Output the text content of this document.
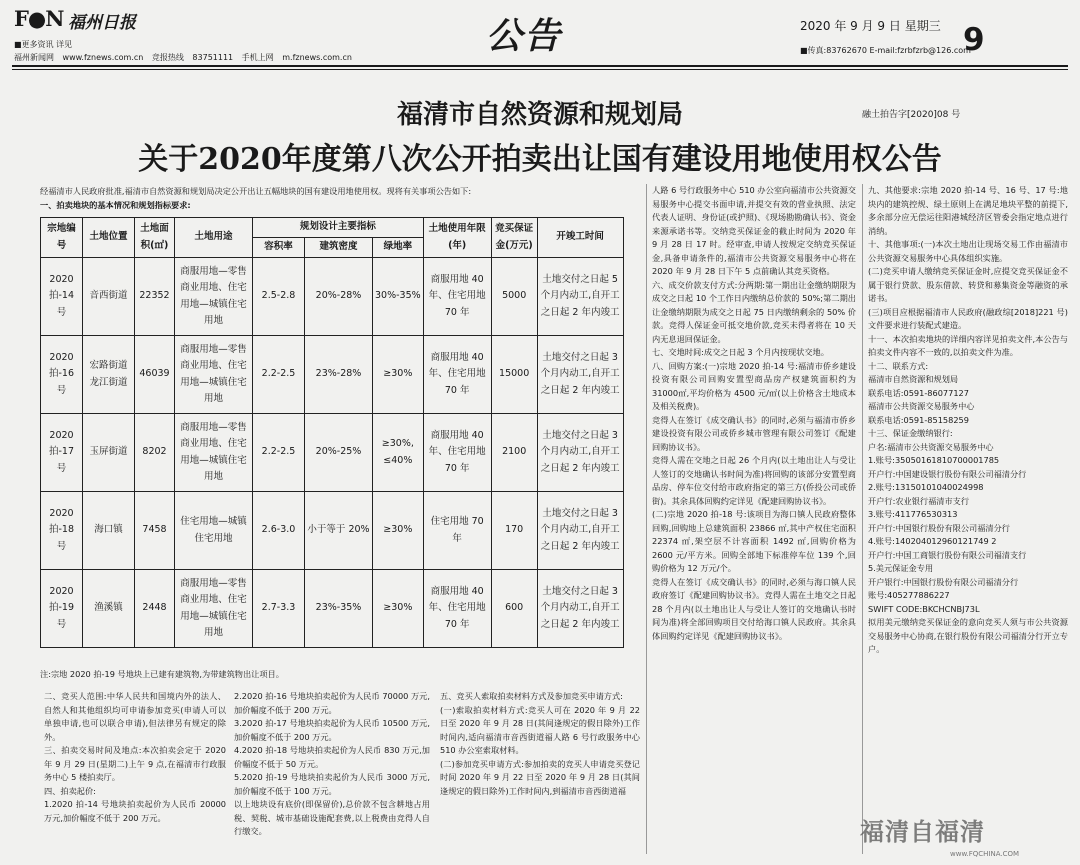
F●N 福州日报
■更多资讯 详见
福州新闻网 www.fznews.com.cn 竞报热线 83751111 手机上网 m.fznews.com.cn
公告	2020 年 9 月 9 日 星期三 9
■传真:83762670 E-mail:fzrbfzrb@126.com
福清市自然资源和规划局	融土拍告字[2020]08 号
关于2020年度第八次公开拍卖出让国有建设用地使用权公告
经福清市人民政府批准,福清市自然资源和规划局决定公开出让五幅地块的国有建设用地使用权。现将有关事项公告如下:
一、拍卖地块的基本情况和规划指标要求:
宗地编号	土地位置	土地面积(㎡)	土地用途	规划设计主要指标			土地使用年限(年)	竞买保证金(万元)	开竣工时间
				容积率	建筑密度	绿地率			
2020 拍-14 号	音西街道	22352	商服用地—零售商业用地、住宅用地—城镇住宅用地	2.5-2.8	20%-28%	30%-35%	商服用地 40 年、住宅用地 70 年	5000	土地交付之日起 5 个月内动工,自开工之日起 2 年内竣工
2020 拍-16 号	宏路街道龙江街道	46039	商服用地—零售商业用地、住宅用地—城镇住宅用地	2.2-2.5	23%-28%	≥30%	商服用地 40 年、住宅用地 70 年	15000	土地交付之日起 3 个月内动工,自开工之日起 2 年内竣工
2020 拍-17 号	玉屏街道	8202	商服用地—零售商业用地、住宅用地—城镇住宅用地	2.2-2.5	20%-25%	≥30%, ≤40%	商服用地 40 年、住宅用地 70 年	2100	土地交付之日起 3 个月内动工,自开工之日起 2 年内竣工
2020 拍-18 号	海口镇	7458	住宅用地—城镇住宅用地	2.6-3.0	小于等于 20%	≥30%	住宅用地 70 年	170	土地交付之日起 3 个月内动工,自开工之日起 2 年内竣工
2020 拍-19 号	渔溪镇	2448	商服用地—零售商业用地、住宅用地—城镇住宅用地	2.7-3.3	23%-35%	≥30%	商服用地 40 年、住宅用地 70 年	600	土地交付之日起 3 个月内动工,自开工之日起 2 年内竣工
注:宗地 2020 拍-19 号地块上已建有建筑物,为带建筑物出让项目。
人路 6 号行政服务中心 510 办公室向福清市公共资源交易服务中心提交书面申请,并提交有效的营业执照、法定代表人证明、身份证(或护照)、《现场勘勘确认书》、资金来源承诺书等。交纳竞买保证金的截止时间为 2020 年 9 月 28 日 17 时。经审查,申请人按规定交纳竞买保证金,具备申请条件的,福清市公共资源交易服务中心将在 2020 年 9 月 28 日下午 5 点前确认其竞买资格。
六、成交价款支付方式:分两期:第一期出让金缴纳期限为成交之日起 10 个工作日内缴纳总价款的 50%;第二期出让金缴纳期限为成交之日起 75 日内缴纳剩余的 50% 价款。竞得人保证金可抵交地价款,竞买未得者将在 10 天内无息退回保证金。
七、交地时间:成交之日起 3 个月内按现状交地。
八、回购方案:(一)宗地 2020 拍-14 号:福清市侨乡建设投资有限公司回购安置型商品房产权建筑面积约为 31000㎡,平均价格为 4500 元/㎡(以上价格含土地成本及相关税费)。
竞得人在签订《成交确认书》的同时,必须与福清市侨乡建设投资有限公司或侨乡城市管理有限公司签订《配建回购协议书》。
竞得人需在交地之日起 26 个月内(以土地出让人与受让人签订的交地确认书时间为准)将回购的该部分安置型商品房、停车位交付给市政府指定的第三方(侨投公司或侨街)。其余具体回购约定详见《配建回购协议书》。
(二)宗地 2020 拍-18 号:该项目为海口镇人民政府整体回购,回购地上总建筑面积 23866 ㎡,其中产权住宅面积 22374 ㎡,架空层不计容面积 1492 ㎡,回购价格为 2600 元/平方米。回购全部地下标准停车位 139 个,回购价格为 12 万元/个。
竞得人在签订《成交确认书》的同时,必须与海口镇人民政府签订《配建回购协议书》。竞得人需在土地交之日起 28 个月内(以土地出让人与受让人签订的交地确认书时间为准)将全部回购项目交付给海口镇人民政府。其余具体回购约定详见《配建回购协议书》。
九、其他要求:宗地 2020 拍-14 号、16 号、17 号:地块内的建筑控规、绿土原则上在满足地块平整的前提下,多余部分应无偿运往阳港城经济区管委会指定地点进行消纳。
十、其他事项:(一)本次土地出让现场交易工作由福清市公共资源交易服务中心具体组织实施。
(二)竞买申请人缴纳竞买保证金时,应提交竞买保证金不属于银行贷款、股东借款、转贷和募集资金等融资的承诺书。
(三)项目应根据福清市人民政府(融政综[2018]221 号)文件要求进行装配式建造。
十一、本次拍卖地块的详细内容详见拍卖文件,本公告与拍卖文件内容不一致的,以拍卖文件为准。
十二、联系方式:
福清市自然资源和规划局
联系电话:0591-86077127
福清市公共资源交易服务中心
联系电话:0591-85158259
十三、保证金缴纳银行:
户名:福清市公共资源交易服务中心
1.账号:35050161810700001785
开户行:中国建设银行股份有限公司福清分行
2.账号:13150101040024998
开户行:农业银行福清市支行
3.账号:411776530313
开户行:中国银行股份有限公司福清分行
4.账号:140204012960121749 2
开户行:中国工商银行股份有限公司福清支行
5.美元保证金专用
开户银行:中国银行股份有限公司福清分行
账号:405277886227
SWIFT CODE:BKCHCNBJ73L
拟用美元缴纳竞买保证金的意向竞买人须与市公共资源交易服务中心协商,在银行股份有限公司福清分行开立专户。
二、竞买人范围:中华人民共和国境内外的法人、自然人和其他组织均可申请参加竞买(申请人可以单独申请,也可以联合申请),但法律另有规定的除外。
三、拍卖交易时间及地点:本次拍卖会定于 2020 年 9 月 29 日(星期二)上午 9 点,在福清市行政服务中心 5 楼拍卖厅。
四、拍卖起价:
1.2020 拍-14 号地块拍卖起价为人民币 20000 万元,加价幅度不低于 200 万元。
2.2020 拍-16 号地块拍卖起价为人民币 70000 万元,加价幅度不低于 200 万元。
3.2020 拍-17 号地块拍卖起价为人民币 10500 万元,加价幅度不低于 200 万元。
4.2020 拍-18 号地块拍卖起价为人民币 830 万元,加价幅度不低于 50 万元。
5.2020 拍-19 号地块拍卖起价为人民币 3000 万元,加价幅度不低于 100 万元。
以上地块设有底价(即保留价),总价款不包含耕地占用税、契税、城市基础设施配套费,以上税费由竞得人自行缴交。
五、竞买人索取拍卖材料方式及参加竞买申请方式:
(一)索取拍卖材料方式:竞买人可在 2020 年 9 月 22 日至 2020 年 9 月 28 日(其间逢规定的假日除外)工作时间内,适向福清市音西街道福人路 6 号行政服务中心 510 办公室索取材料。
(二)参加竞买申请方式:参加拍卖的竞买人申请竞买登记时间 2020 年 9 月 22 日至 2020 年 9 月 28 日(其间逢规定的假日除外)工作时间内,到福清市音西街道福
福清自福清
www.FQCHINA.COM
